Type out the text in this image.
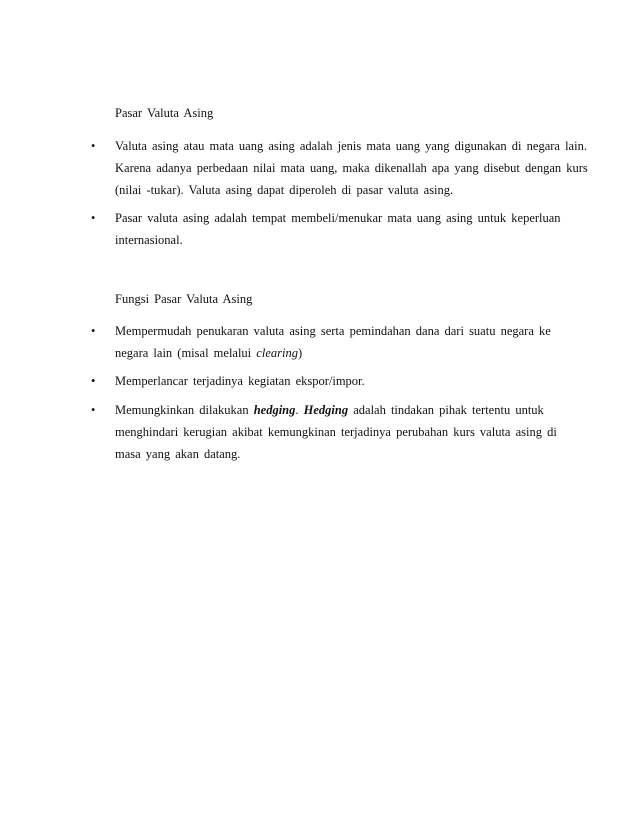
Pasar Valuta Asing
• Valuta asing atau mata uang asing adalah jenis mata uang yang digunakan di negara lain.
Karena adanya perbedaan nilai mata uang, maka dikenallah apa yang disebut dengan kurs
(nilai -tukar). Valuta asing dapat diperoleh di pasar valuta asing.
• Pasar valuta asing adalah tempat membeli/menukar mata uang asing untuk keperluan
internasional.
Fungsi Pasar Valuta Asing
• Mempermudah penukaran valuta asing serta pemindahan dana dari suatu negara ke
negara lain (misal melalui clearing)
• Memperlancar terjadinya kegiatan ekspor/impor.
• Memungkinkan dilakukan hedging. Hedging adalah tindakan pihak tertentu untuk
menghindari kerugian akibat kemungkinan terjadinya perubahan kurs valuta asing di
masa yang akan datang.
